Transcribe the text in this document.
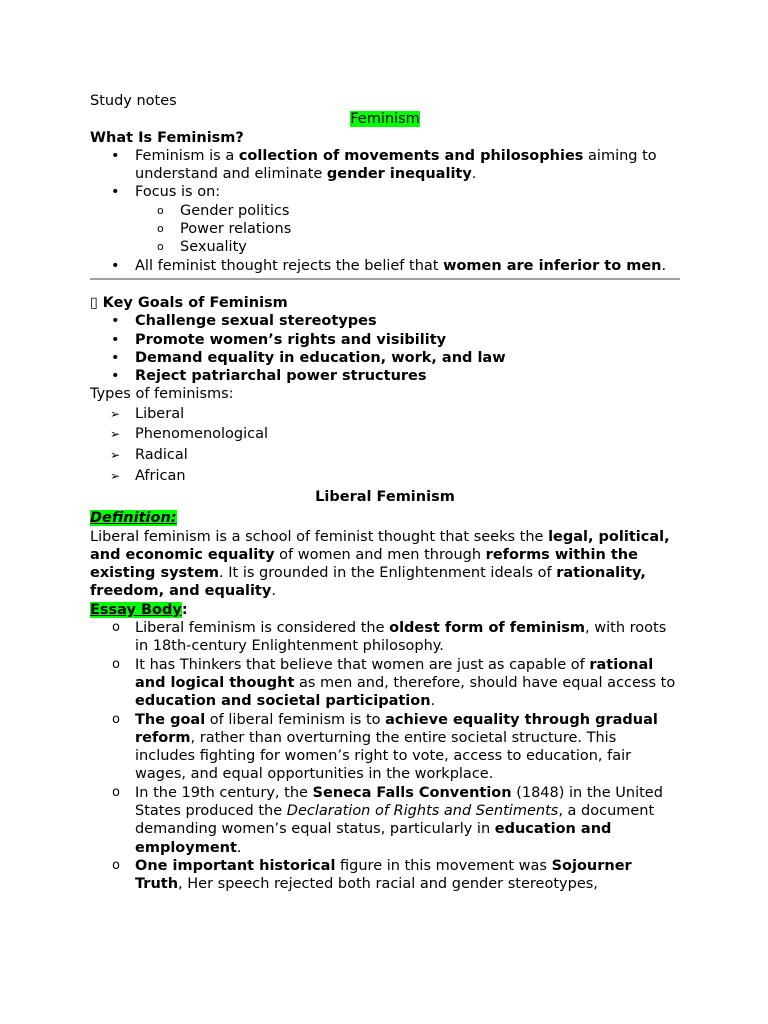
Study notes
Feminism
What Is Feminism?
• Feminism is a collection of movements and philosophies aiming to understand and eliminate gender inequality.
• Focus is on:
o Gender politics
o Power relations
o Sexuality
• All feminist thought rejects the belief that women are inferior to men.
▯ Key Goals of Feminism
• Challenge sexual stereotypes
• Promote women’s rights and visibility
• Demand equality in education, work, and law
• Reject patriarchal power structures
Types of feminisms:
➢ Liberal
➢ Phenomenological
➢ Radical
➢ African
Liberal Feminism
Definition:
Liberal feminism is a school of feminist thought that seeks the legal, political, and economic equality of women and men through reforms within the existing system. It is grounded in the Enlightenment ideals of rationality, freedom, and equality.
Essay Body:
o Liberal feminism is considered the oldest form of feminism, with roots in 18th-century Enlightenment philosophy.
o It has Thinkers that believe that women are just as capable of rational and logical thought as men and, therefore, should have equal access to education and societal participation.
o The goal of liberal feminism is to achieve equality through gradual reform, rather than overturning the entire societal structure. This includes fighting for women’s right to vote, access to education, fair wages, and equal opportunities in the workplace.
o In the 19th century, the Seneca Falls Convention (1848) in the United States produced the Declaration of Rights and Sentiments, a document demanding women’s equal status, particularly in education and employment.
o One important historical figure in this movement was Sojourner Truth, Her speech rejected both racial and gender stereotypes,
